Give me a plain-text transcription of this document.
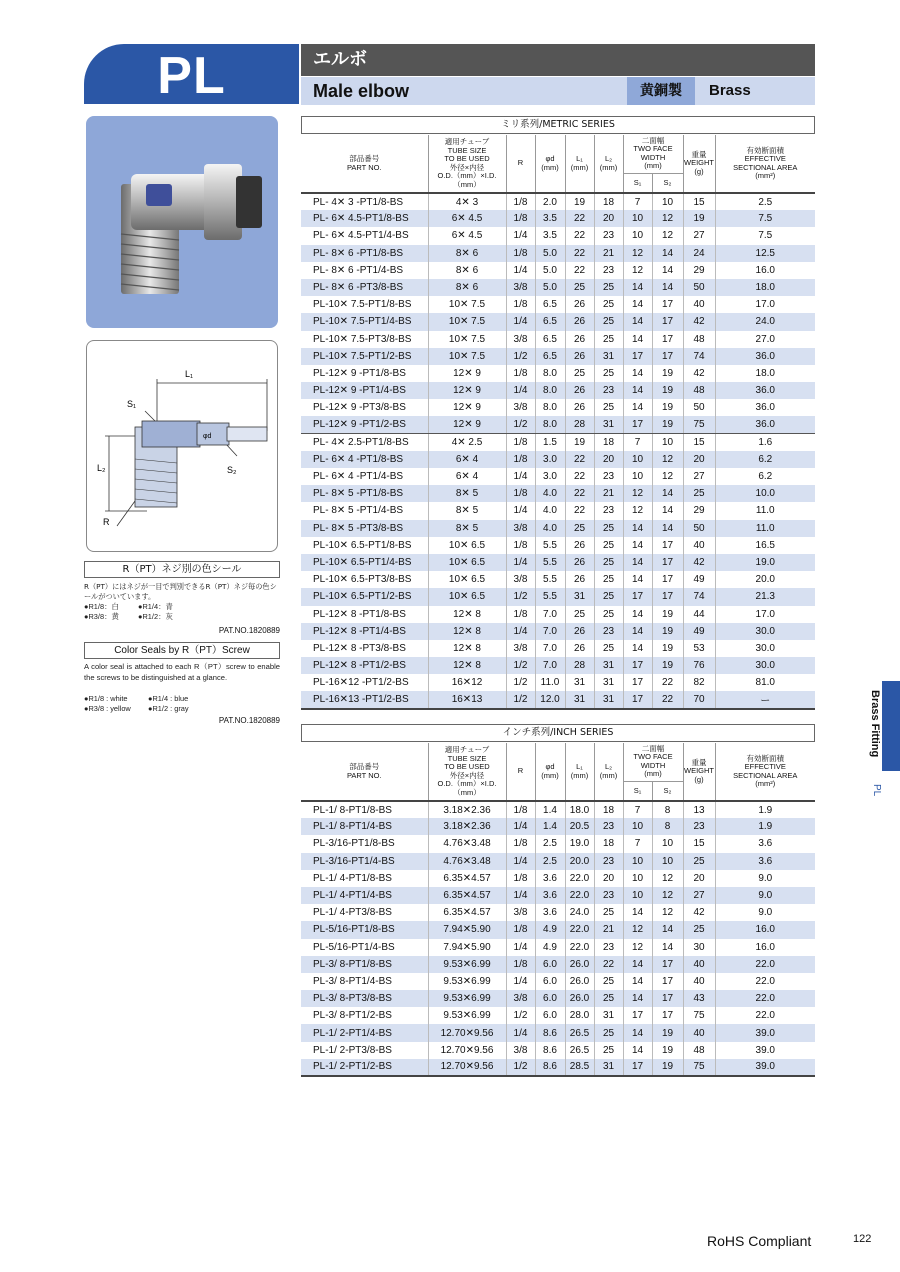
PL	エルボ
Male elbow	黄銅製	Brass
L₁
S₁
L₂	S₂
R
φd
R（PT）ネジ別の色シール
R（PT）にはネジが一目で判別できるR（PT）ネジ毎の色シールがついています。
●R1/8：白	●R1/4：青
●R3/8：黄	●R1/2：灰
PAT.NO.1820889
Color Seals by R（PT）Screw
A color seal is attached to each R（PT）screw to enable the screws to be distinguished at a glance.
●R1/8 : white	●R1/4 : blue
●R3/8 : yellow ●R1/2 : gray
PAT.NO.1820889
ミリ系列/METRIC SERIES
部品番号
PART NO.	適用チューブ
TUBE SIZE
TO BE USED
外径×内径
O.D.（mm）×I.D.（mm）	R	φd
(mm)	L₁
(mm)	L₂
(mm)	二面幅
TWO FACE
WIDTH
(mm)		重量
WEIGHT
(g)	有効断面積
EFFECTIVE
SECTIONAL AREA
(mm²)
						S₁	S₂		
PL- 4✕ 3 -PT1/8-BS	4✕ 3	1/8	2.0	19	18	7	10	15	2.5
PL- 6✕ 4.5-PT1/8-BS	6✕ 4.5	1/8	3.5	22	20	10	12	19	7.5
PL- 6✕ 4.5-PT1/4-BS	6✕ 4.5	1/4	3.5	22	23	10	12	27	7.5
PL- 8✕ 6 -PT1/8-BS	8✕ 6	1/8	5.0	22	21	12	14	24	12.5
PL- 8✕ 6 -PT1/4-BS	8✕ 6	1/4	5.0	22	23	12	14	29	16.0
PL- 8✕ 6 -PT3/8-BS	8✕ 6	3/8	5.0	25	25	14	14	50	18.0
PL-10✕ 7.5-PT1/8-BS	10✕ 7.5	1/8	6.5	26	25	14	17	40	17.0
PL-10✕ 7.5-PT1/4-BS	10✕ 7.5	1/4	6.5	26	25	14	17	42	24.0
PL-10✕ 7.5-PT3/8-BS	10✕ 7.5	3/8	6.5	26	25	14	17	48	27.0
PL-10✕ 7.5-PT1/2-BS	10✕ 7.5	1/2	6.5	26	31	17	17	74	36.0
PL-12✕ 9 -PT1/8-BS	12✕ 9	1/8	8.0	25	25	14	19	42	18.0
PL-12✕ 9 -PT1/4-BS	12✕ 9	1/4	8.0	26	23	14	19	48	36.0
PL-12✕ 9 -PT3/8-BS	12✕ 9	3/8	8.0	26	25	14	19	50	36.0
PL-12✕ 9 -PT1/2-BS	12✕ 9	1/2	8.0	28	31	17	19	75	36.0
PL- 4✕ 2.5-PT1/8-BS	4✕ 2.5	1/8	1.5	19	18	7	10	15	1.6
PL- 6✕ 4 -PT1/8-BS	6✕ 4	1/8	3.0	22	20	10	12	20	6.2
PL- 6✕ 4 -PT1/4-BS	6✕ 4	1/4	3.0	22	23	10	12	27	6.2
PL- 8✕ 5 -PT1/8-BS	8✕ 5	1/8	4.0	22	21	12	14	25	10.0
PL- 8✕ 5 -PT1/4-BS	8✕ 5	1/4	4.0	22	23	12	14	29	11.0
PL- 8✕ 5 -PT3/8-BS	8✕ 5	3/8	4.0	25	25	14	14	50	11.0
PL-10✕ 6.5-PT1/8-BS	10✕ 6.5	1/8	5.5	26	25	14	17	40	16.5
PL-10✕ 6.5-PT1/4-BS	10✕ 6.5	1/4	5.5	26	25	14	17	42	19.0
PL-10✕ 6.5-PT3/8-BS	10✕ 6.5	3/8	5.5	26	25	14	17	49	20.0
PL-10✕ 6.5-PT1/2-BS	10✕ 6.5	1/2	5.5	31	25	17	17	74	21.3
PL-12✕ 8 -PT1/8-BS	12✕ 8	1/8	7.0	25	25	14	19	44	17.0
PL-12✕ 8 -PT1/4-BS	12✕ 8	1/4	7.0	26	23	14	19	49	30.0
PL-12✕ 8 -PT3/8-BS	12✕ 8	3/8	7.0	26	25	14	19	53	30.0
PL-12✕ 8 -PT1/2-BS	12✕ 8	1/2	7.0	28	31	17	19	76	30.0
PL-16✕12 -PT1/2-BS	16✕12	1/2	11.0	31	31	17	22	82	81.0
PL-16✕13 -PT1/2-BS	16✕13	1/2	12.0	31	31	17	22	70	ー
インチ系列/INCH SERIES
部品番号
PART NO.	適用チューブ
TUBE SIZE
TO BE USED
外径×内径
O.D.（mm）×I.D.（mm）	R	φd
(mm)	L₁
(mm)	L₂
(mm)	二面幅
TWO FACE
WIDTH
(mm)		重量
WEIGHT
(g)	有効断面積
EFFECTIVE
SECTIONAL AREA
(mm²)
						S₁	S₂		
PL-1/ 8-PT1/8-BS	3.18✕2.36	1/8	1.4	18.0	18	7	8	13	1.9
PL-1/ 8-PT1/4-BS	3.18✕2.36	1/4	1.4	20.5	23	10	8	23	1.9
PL-3/16-PT1/8-BS	4.76✕3.48	1/8	2.5	19.0	18	7	10	15	3.6
PL-3/16-PT1/4-BS	4.76✕3.48	1/4	2.5	20.0	23	10	10	25	3.6
PL-1/ 4-PT1/8-BS	6.35✕4.57	1/8	3.6	22.0	20	10	12	20	9.0
PL-1/ 4-PT1/4-BS	6.35✕4.57	1/4	3.6	22.0	23	10	12	27	9.0
PL-1/ 4-PT3/8-BS	6.35✕4.57	3/8	3.6	24.0	25	14	12	42	9.0
PL-5/16-PT1/8-BS	7.94✕5.90	1/8	4.9	22.0	21	12	14	25	16.0
PL-5/16-PT1/4-BS	7.94✕5.90	1/4	4.9	22.0	23	12	14	30	16.0
PL-3/ 8-PT1/8-BS	9.53✕6.99	1/8	6.0	26.0	22	14	17	40	22.0
PL-3/ 8-PT1/4-BS	9.53✕6.99	1/4	6.0	26.0	25	14	17	40	22.0
PL-3/ 8-PT3/8-BS	9.53✕6.99	3/8	6.0	26.0	25	14	17	43	22.0
PL-3/ 8-PT1/2-BS	9.53✕6.99	1/2	6.0	28.0	31	17	17	75	22.0
PL-1/ 2-PT1/4-BS	12.70✕9.56	1/4	8.6	26.5	25	14	19	40	39.0
PL-1/ 2-PT3/8-BS	12.70✕9.56	3/8	8.6	26.5	25	14	19	48	39.0
PL-1/ 2-PT1/2-BS	12.70✕9.56	1/2	8.6	28.5	31	17	19	75	39.0
Brass Fitting
PL
RoHS Compliant	122
